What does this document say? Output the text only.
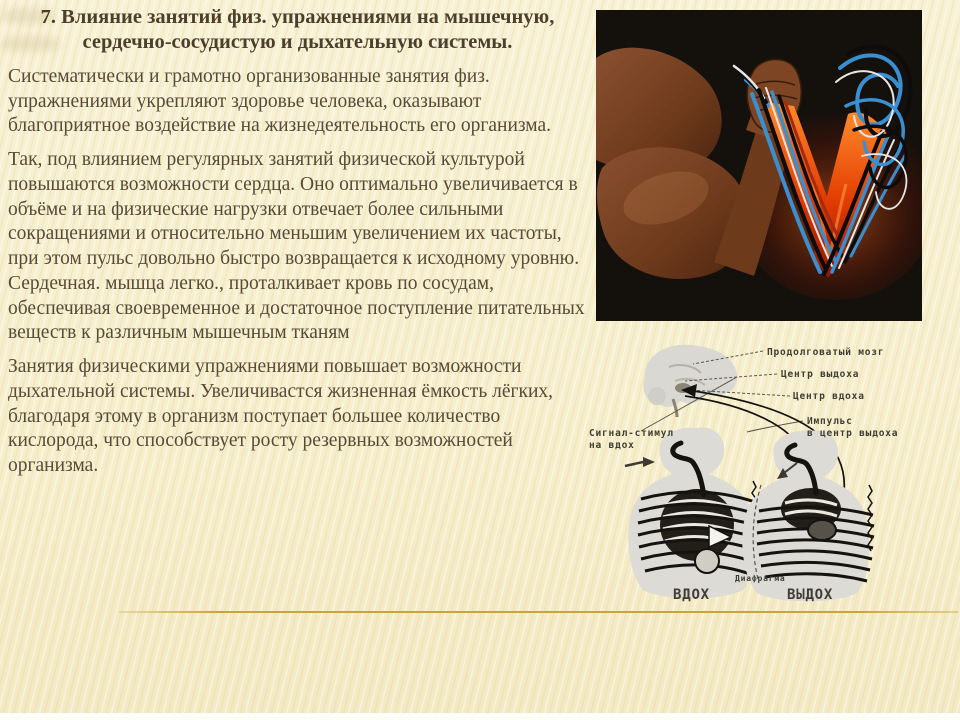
7. Влияние занятий физ. упражнениями на мышечную, сердечно-сосудистую и дыхательную системы.

Систематически и грамотно организованные занятия физ. упражнениями укрепляют здоровье человека, оказывают благоприятное воздействие на жизнедеятельность его организма.

Так, под влиянием регулярных занятий физической культурой повышаются возможности сердца. Оно оптимально увеличивается в объёме и на физические нагрузки отвечает более сильными сокращениями и относительно меньшим увеличением их частоты, при этом пульс довольно быстро возвращается к исходному уровню. Сердечная. мышца легко., проталкивает кровь по сосудам, обеспечивая своевременное и достаточное поступление питательных веществ к различным мышечным тканям

Занятия физическими упражнениями повышает возможности дыхательной системы. Увеличивастся жизненная ёмкость лёгких, благодаря этому в организм поступает большее количество кислорода, что способствует росту резервных возможностей организма.

Продолговатый мозг
Центр выдоха
Центр вдоха
Импульс
в центр выдоха
Сигнал-стимул
на вдох
Диафрагма
ВДОХ	ВЫДОХ
